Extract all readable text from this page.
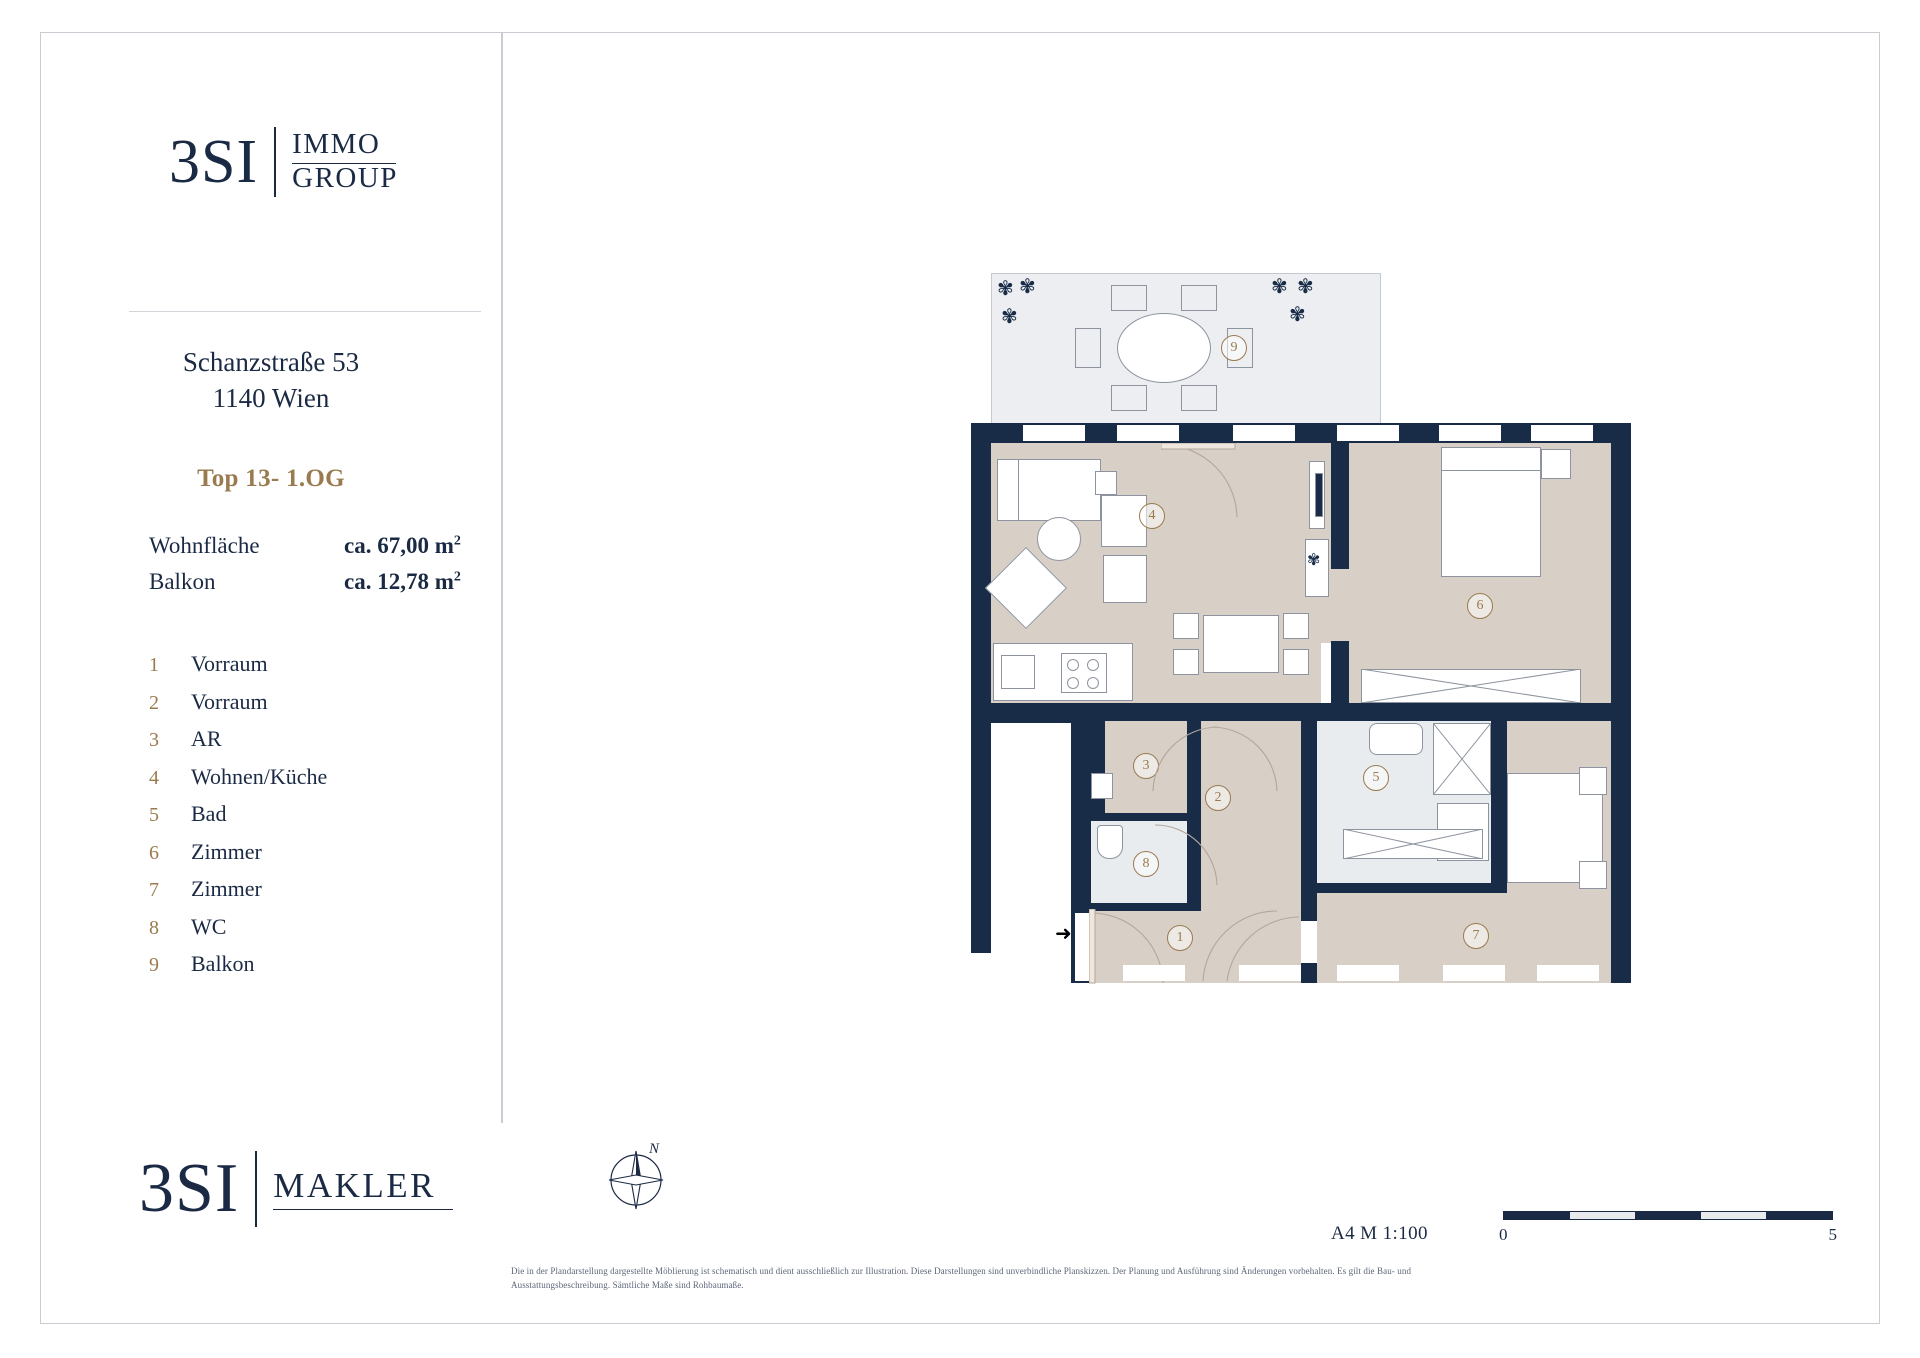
3SI IMMO
GROUP
Schanzstraße 53
1140 Wien
Top 13- 1.OG
Wohnfläche	ca. 67,00 $m^2$
Balkon	ca. 12,78 $m^2$
1	Vorraum
2	Vorraum
3	AR
4	Wohnen/Küche
5	Bad
6	Zimmer
7	Zimmer
8	WC
9	Balkon
3SI MAKLER
N
A4 M 1:100	0	5
Die in der Plandarstellung dargestellte Möblierung ist schematisch und dient ausschließlich zur Illustration. Diese Darstellungen sind unverbindliche Planskizzen. Der Planung und Ausführung sind Änderungen vorbehalten. Es gilt die Bau- und Ausstattungsbeschreibung. Sämtliche Maße sind Rohbaumaße.
✾ ✾
✾
✾ ✾
✾
9
✾
4
6
3
8
2
1
➜
5
7
